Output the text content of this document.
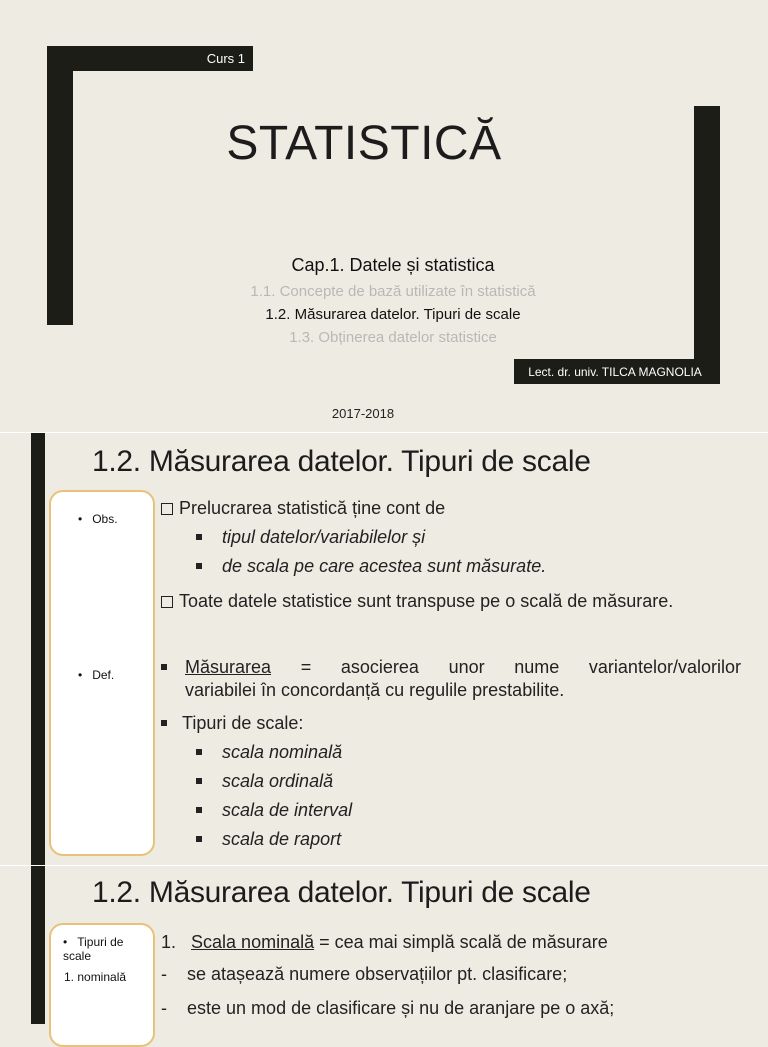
Curs 1
Lect. dr. univ. TILCA MAGNOLIA
STATISTICĂ
Cap.1. Datele și statistica
1.1. Concepte de bază utilizate în statistică
1.2. Măsurarea datelor. Tipuri de scale
1.3. Obținerea datelor statistice
2017-2018
1.2. Măsurarea datelor. Tipuri de scale
• Obs.
• Def.
Prelucrarea statistică ține cont de
tipul datelor/variabilelor și
de scala pe care acestea sunt măsurate.
Toate datele statistice sunt transpuse pe o scală de măsurare.
Măsurarea = asocierea unor nume variantelor/valorilor
variabilei în concordanță cu regulile prestabilite.
Tipuri de scale:
scala nominală
scala ordinală
scala de interval
scala de raport
1.2. Măsurarea datelor. Tipuri de scale
• Tipuri de scale
1. nominală
1. Scala nominală = cea mai simplă scală de măsurare
- se atașează numere observațiilor pt. clasificare;
- este un mod de clasificare și nu de aranjare pe o axă;
